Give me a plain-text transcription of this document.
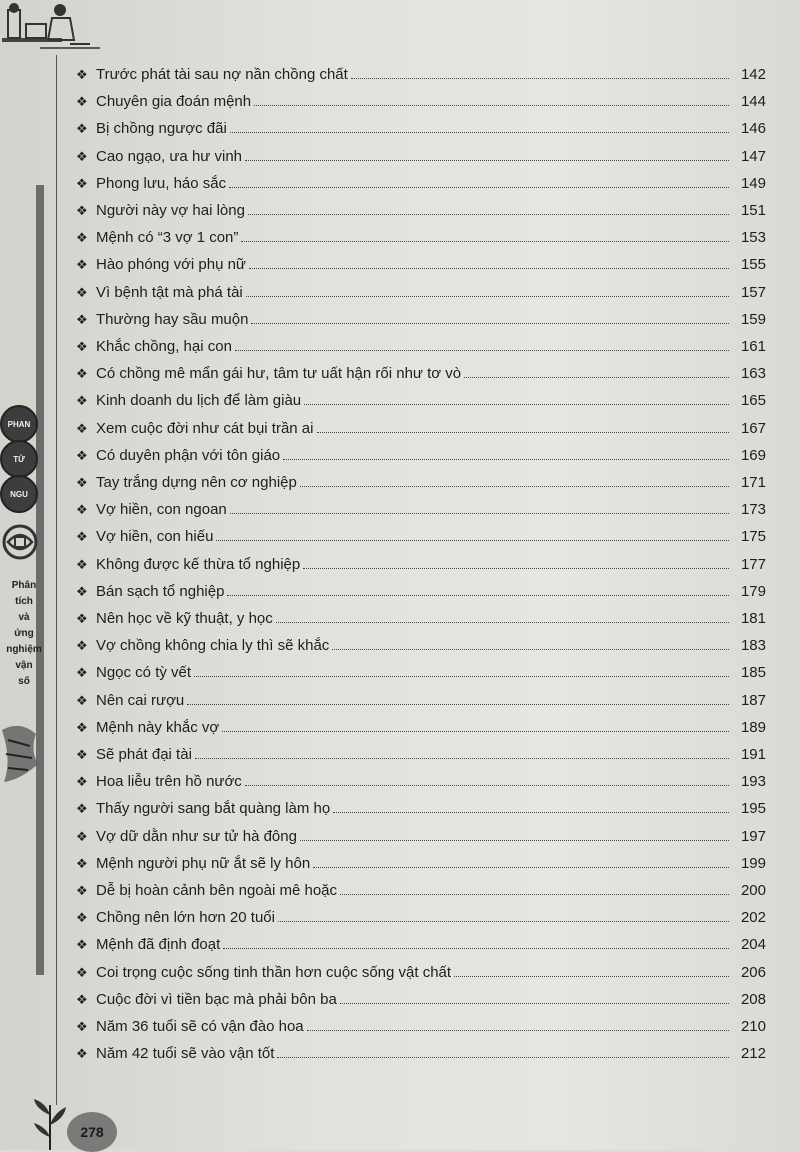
PHAN
TỬ
NGU
Phân
tích
và
ứng
nghiệm
vận
số
278
❖ Trước phát tài sau nợ nần chồng chất	142
❖ Chuyên gia đoán mệnh	144
❖ Bị chồng ngược đãi	146
❖ Cao ngạo, ưa hư vinh	147
❖ Phong lưu, háo sắc	149
❖ Người này vợ hai lòng	151
❖ Mệnh có “3 vợ 1 con”	153
❖ Hào phóng với phụ nữ	155
❖ Vì bệnh tật mà phá tài	157
❖ Thường hay sầu muộn	159
❖ Khắc chồng, hại con	161
❖ Có chồng mê mẩn gái hư, tâm tư uất hận rối như tơ vò	163
❖ Kinh doanh du lịch để làm giàu	165
❖ Xem cuộc đời như cát bụi trần ai	167
❖ Có duyên phận với tôn giáo	169
❖ Tay trắng dựng nên cơ nghiệp	171
❖ Vợ hiền, con ngoan	173
❖ Vợ hiền, con hiếu	175
❖ Không được kế thừa tổ nghiệp	177
❖ Bán sạch tổ nghiệp	179
❖ Nên học về kỹ thuật, y học	181
❖ Vợ chồng không chia ly thì sẽ khắc	183
❖ Ngọc có tỳ vết	185
❖ Nên cai rượu	187
❖ Mệnh này khắc vợ	189
❖ Sẽ phát đại tài	191
❖ Hoa liễu trên hồ nước	193
❖ Thấy người sang bắt quàng làm họ	195
❖ Vợ dữ dằn như sư tử hà đông	197
❖ Mệnh người phụ nữ ắt sẽ ly hôn	199
❖ Dễ bị hoàn cảnh bên ngoài mê hoặc	200
❖ Chồng nên lớn hơn 20 tuổi	202
❖ Mệnh đã định đoạt	204
❖ Coi trọng cuộc sống tinh thần hơn cuộc sống vật chất	206
❖ Cuộc đời vì tiền bạc mà phải bôn ba	208
❖ Năm 36 tuổi sẽ có vận đào hoa	210
❖ Năm 42 tuổi sẽ vào vận tốt	212
